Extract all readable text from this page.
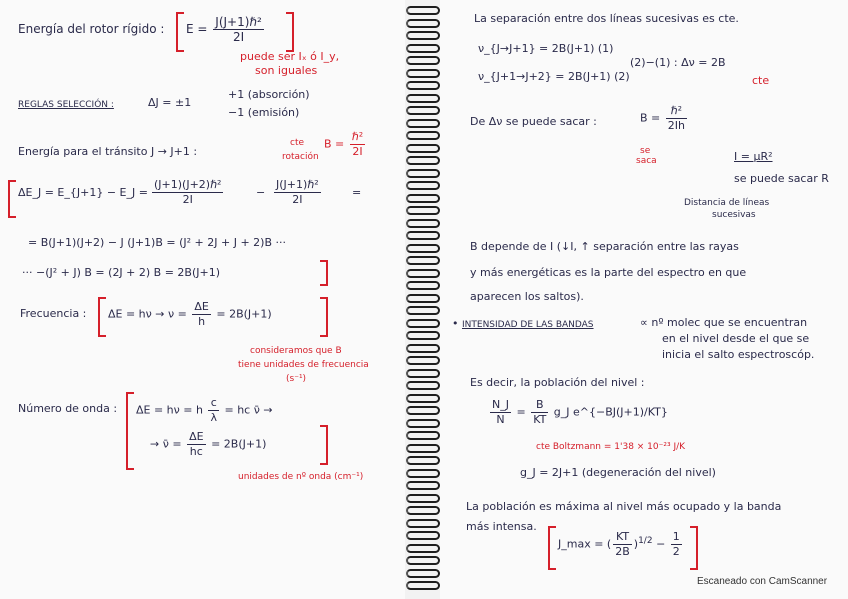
Energía del rotor rígido : $E = \frac{\text{J(J+1)ℏ²}}{2I}$
puede ser Iₓ ó I_y,
son iguales
REGLAS SELECCIÓN :	ΔJ = ±1
+1 (absorción)
−1 (emisión)
Energía para el tránsito J → J+1 :
cte
rotación
$B = \frac{\text{ℏ²}}{2I}$
ΔE_J = E_{J+1} − E_J = $\frac{\text{(J+1)(J+2)ℏ²}}{2I}$	− $\frac{\text{J(J+1)ℏ²}}{2I}$	=
= B(J+1)(J+2) − J (J+1)B = (J² + 2J + J + 2)B ···
··· −(J² + J) B = (2J + 2) B = 2B(J+1)
Frecuencia : $\Delta E = h\nu \to \nu = \frac{\Delta E}{h} = 2B(J+1)$
consideramos que B
tiene unidades de frecuencia
(s⁻¹)
Número de onda : ΔE = hν = h $\frac{c}{\lambda}$ = hc ν̄ →
→ ν̄ = $\frac{\Delta E}{hc} = 2B(J+1)$
unidades de nº onda (cm⁻¹)
La separación entre dos líneas sucesivas es cte.
ν_{J→J+1} = 2B(J+1) (1)
ν_{J+1→J+2} = 2B(J+1) (2)
(2)−(1) : Δν = 2B
cte
De Δν se puede sacar :	$B = \frac{\text{ℏ²}}{2Ih}$
se
saca	I = μR²
se puede sacar R
Distancia de líneas
sucesivas
B depende de I (↓I, ↑ separación entre las rayas
y más energéticas es la parte del espectro en que
aparecen los saltos).
• INTENSIDAD DE LAS BANDAS	∝ nº molec que se encuentran
en el nivel desde el que se
inicia el salto espectroscóp.
Es decir, la población del nivel :
$\frac{N\_J}{N} = \frac{B}{KT}$ g_J e^{−BJ(J+1)/KT}
cte Boltzmann = 1'38 × 10⁻²³ J/K
g_J = 2J+1 (degeneración del nivel)
La población es máxima al nivel más ocupado y la banda
más intensa.
J_max = ( $\frac{KT}{2B} )^{1/2} - \frac{1}{2}$
Escaneado con CamScanner
